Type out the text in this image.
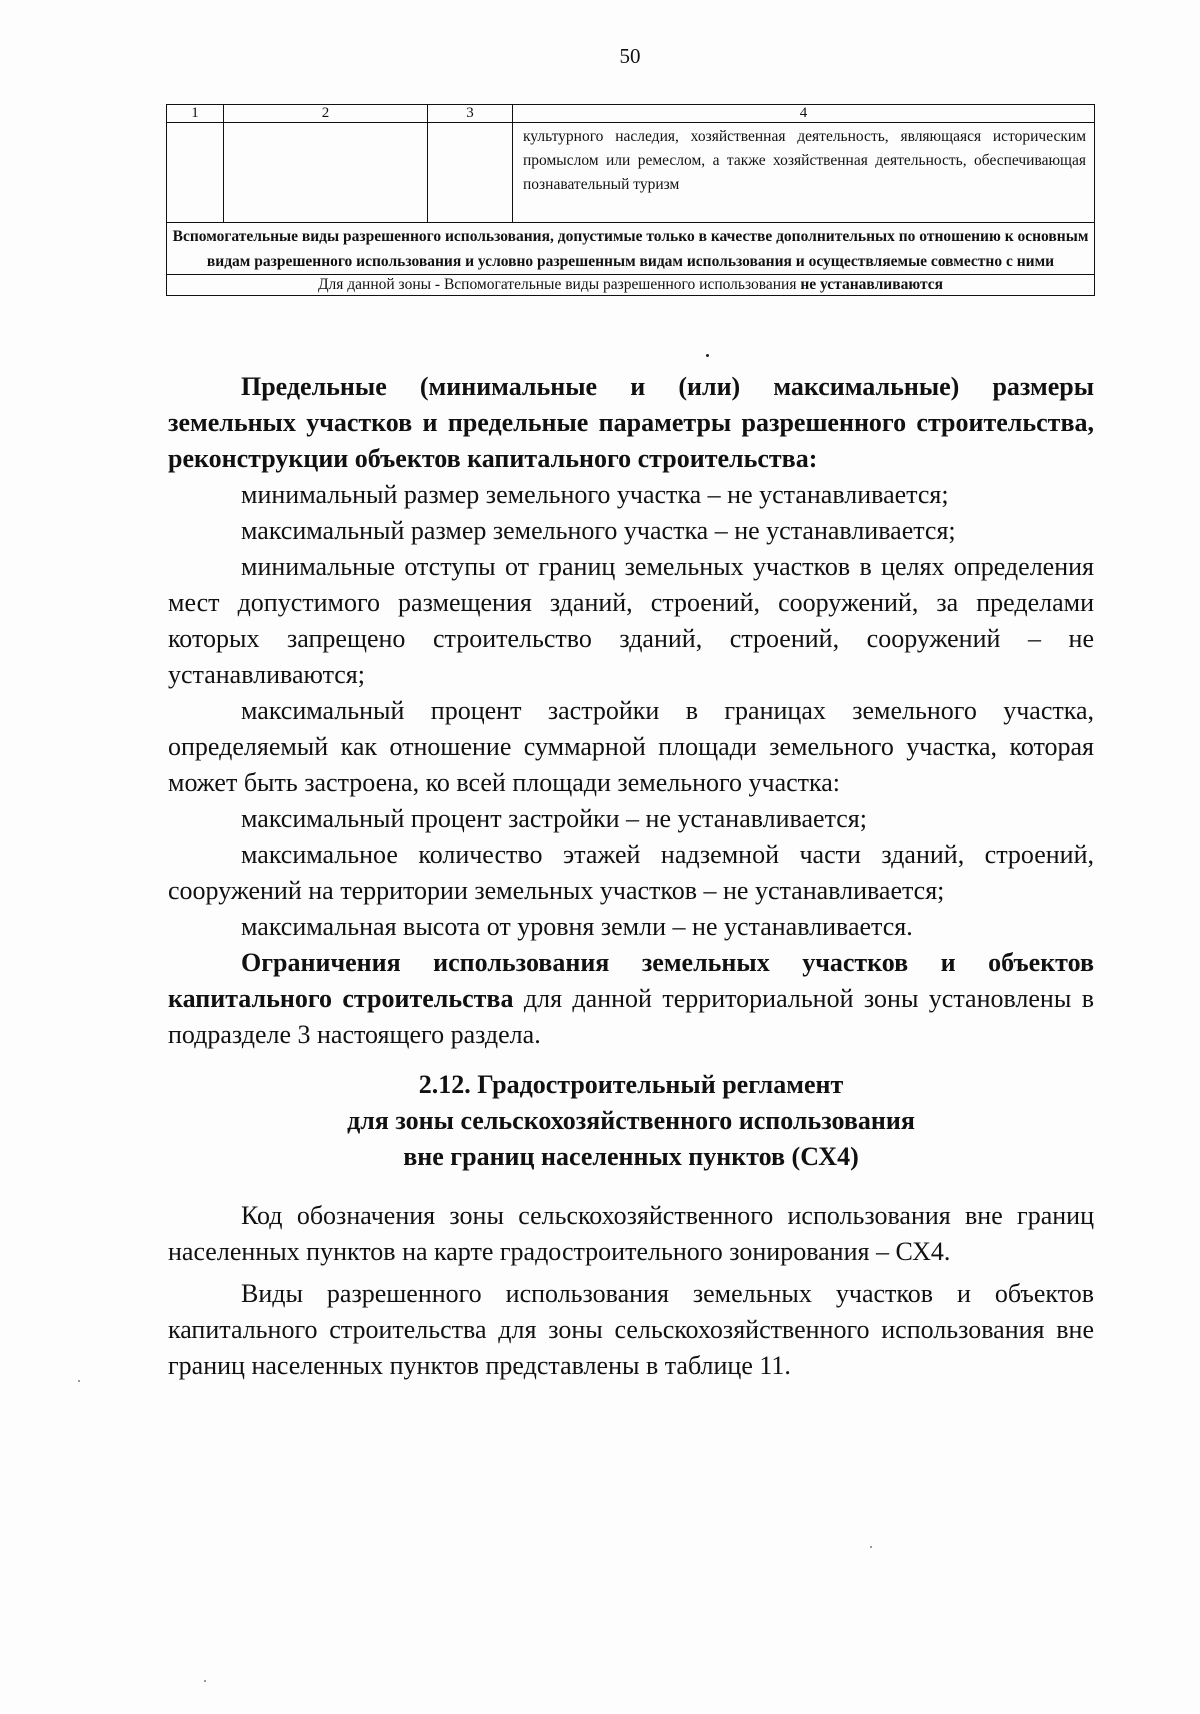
50
1	2	3	4
			культурного наследия, хозяйственная деятельность, являющаяся историческим промыслом или ремеслом, а также хозяйственная деятельность, обеспечивающая познавательный туризм
Вспомогательные виды разрешенного использования, допустимые только в качестве дополнительных по отношению к основным видам разрешенного использования и условно разрешенным видам использования и осуществляемые совместно с ними			
Для данной зоны - Вспомогательные виды разрешенного использования не устанавливаются			

Предельные (минимальные и (или) максимальные) размеры земельных участков и предельные параметры разрешенного строительства, реконструкции объектов капитального строительства:

минимальный размер земельного участка – не устанавливается;

максимальный размер земельного участка – не устанавливается;

минимальные отступы от границ земельных участков в целях определения мест допустимого размещения зданий, строений, сооружений, за пределами которых запрещено строительство зданий, строений, сооружений – не устанавливаются;

максимальный процент застройки в границах земельного участка, определяемый как отношение суммарной площади земельного участка, которая может быть застроена, ко всей площади земельного участка:

максимальный процент застройки – не устанавливается;

максимальное количество этажей надземной части зданий, строений, сооружений на территории земельных участков – не устанавливается;

максимальная высота от уровня земли – не устанавливается.

Ограничения использования земельных участков и объектов капитального строительства для данной территориальной зоны установлены в подразделе 3 настоящего раздела.

2.12. Градостроительный регламент
для зоны сельскохозяйственного использования
вне границ населенных пунктов (СХ4)

Код обозначения зоны сельскохозяйственного использования вне границ населенных пунктов на карте градостроительного зонирования – СХ4.

Виды разрешенного использования земельных участков и объектов капитального строительства для зоны сельскохозяйственного использования вне границ населенных пунктов представлены в таблице 11.
